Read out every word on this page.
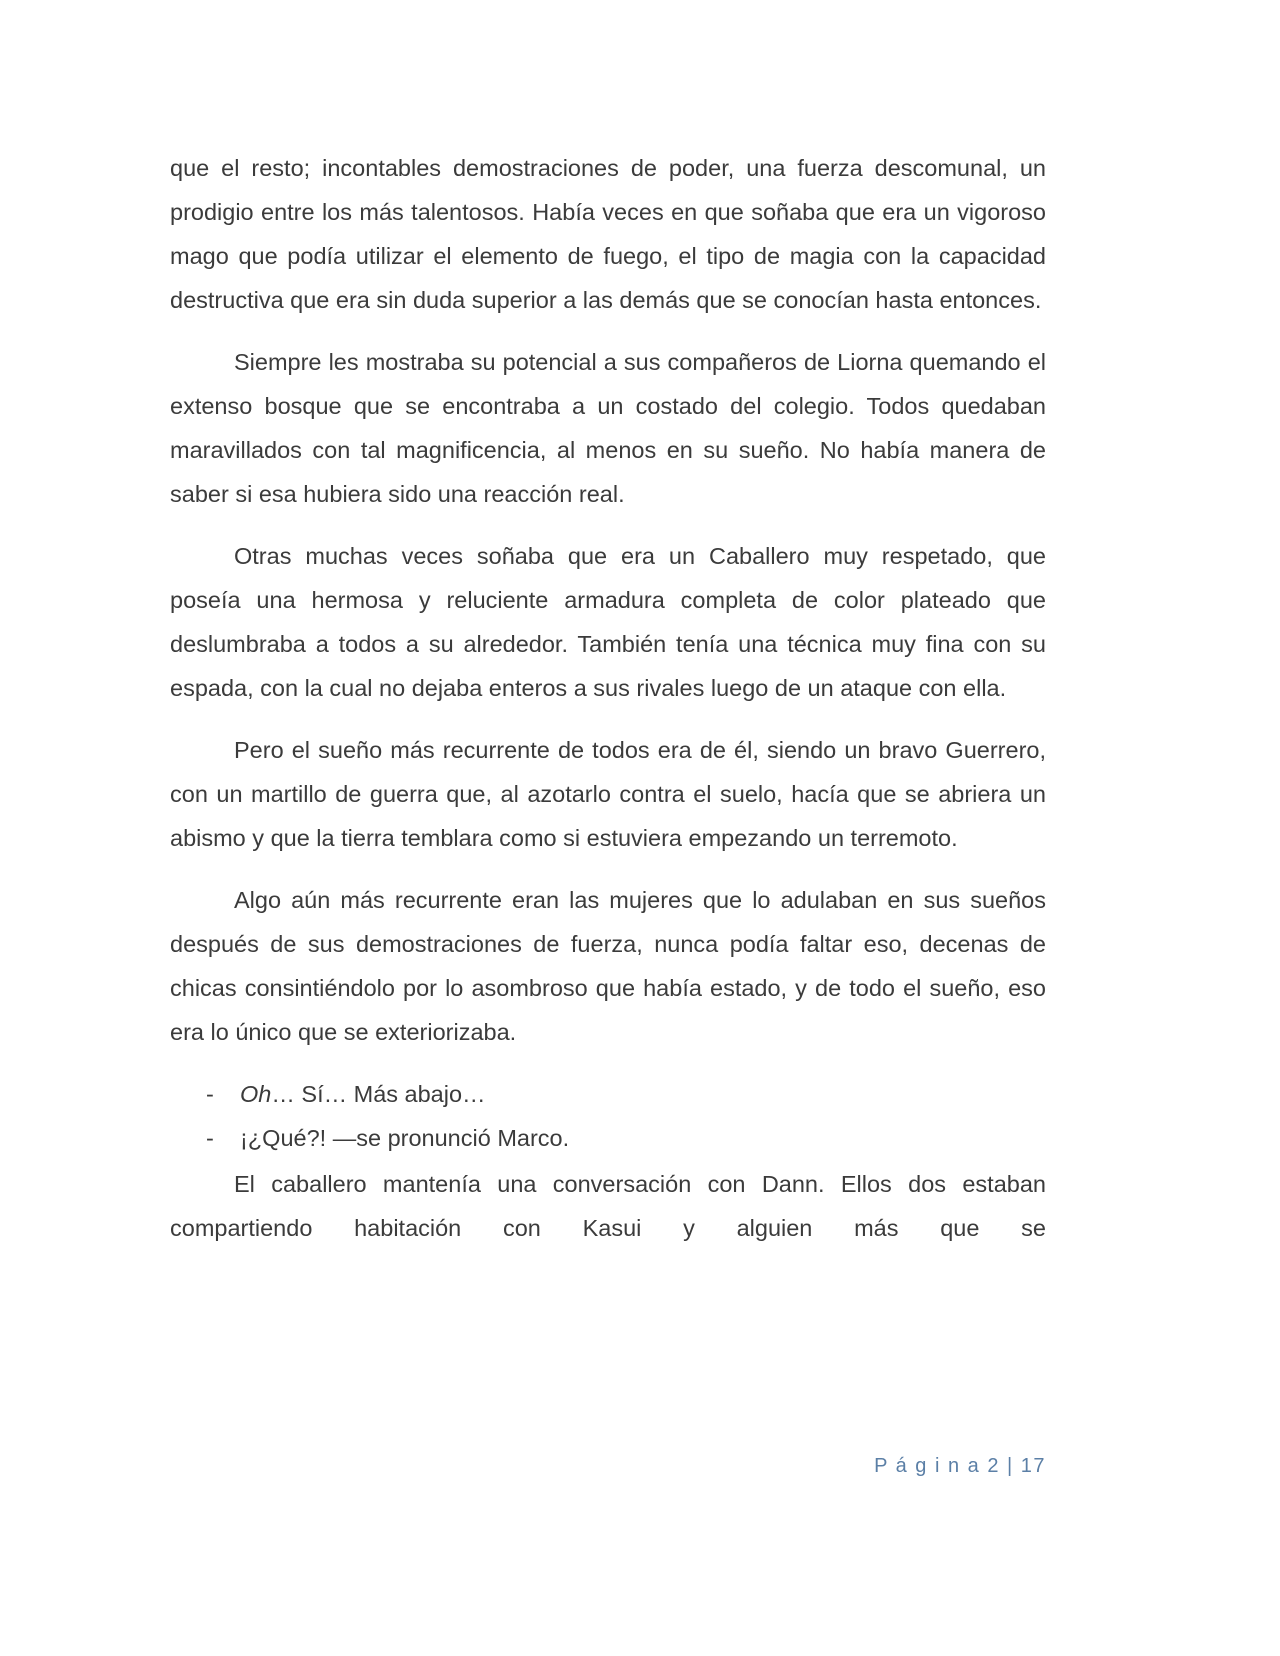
que el resto; incontables demostraciones de poder, una fuerza descomunal, un prodigio entre los más talentosos. Había veces en que soñaba que era un vigoroso mago que podía utilizar el elemento de fuego, el tipo de magia con la capacidad destructiva que era sin duda superior a las demás que se conocían hasta entonces.

Siempre les mostraba su potencial a sus compañeros de Liorna quemando el extenso bosque que se encontraba a un costado del colegio. Todos quedaban maravillados con tal magnificencia, al menos en su sueño. No había manera de saber si esa hubiera sido una reacción real.

Otras muchas veces soñaba que era un Caballero muy respetado, que poseía una hermosa y reluciente armadura completa de color plateado que deslumbraba a todos a su alrededor. También tenía una técnica muy fina con su espada, con la cual no dejaba enteros a sus rivales luego de un ataque con ella.

Pero el sueño más recurrente de todos era de él, siendo un bravo Guerrero, con un martillo de guerra que, al azotarlo contra el suelo, hacía que se abriera un abismo y que la tierra temblara como si estuviera empezando un terremoto.

Algo aún más recurrente eran las mujeres que lo adulaban en sus sueños después de sus demostraciones de fuerza, nunca podía faltar eso, decenas de chicas consintiéndolo por lo asombroso que había estado, y de todo el sueño, eso era lo único que se exteriorizaba.

-	Oh… Sí… Más abajo…
-	¡¿Qué?! —se pronunció Marco.

El caballero mantenía una conversación con Dann. Ellos dos estaban compartiendo habitación con Kasui y alguien más que se

P á g i n a 2 | 17
